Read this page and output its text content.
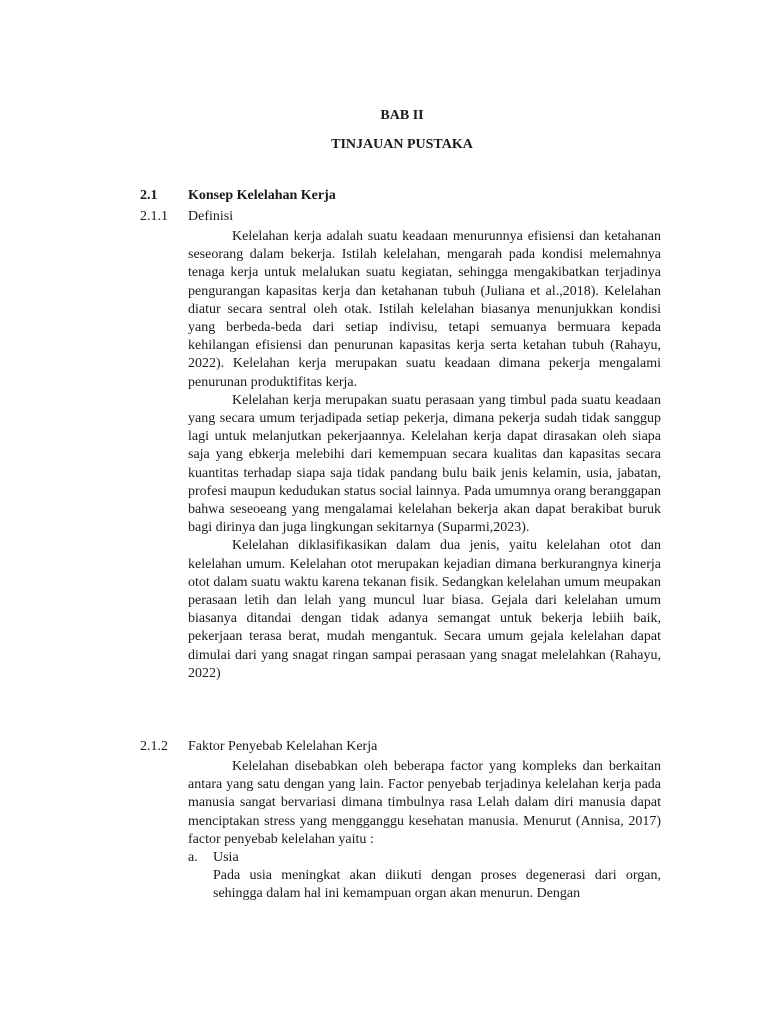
BAB II
TINJAUAN PUSTAKA
2.1 Konsep Kelelahan Kerja
2.1.1 Definisi

Kelelahan kerja adalah suatu keadaan menurunnya efisiensi dan ketahanan seseorang dalam bekerja. Istilah kelelahan, mengarah pada kondisi melemahnya tenaga kerja untuk melalukan suatu kegiatan, sehingga mengakibatkan terjadinya pengurangan kapasitas kerja dan ketahanan tubuh (Juliana et al.,2018). Kelelahan diatur secara sentral oleh otak. Istilah kelelahan biasanya menunjukkan kondisi yang berbeda-beda dari setiap indivisu, tetapi semuanya bermuara kepada kehilangan efisiensi dan penurunan kapasitas kerja serta ketahan tubuh (Rahayu, 2022). Kelelahan kerja merupakan suatu keadaan dimana pekerja mengalami penurunan produktifitas kerja.

Kelelahan kerja merupakan suatu perasaan yang timbul pada suatu keadaan yang secara umum terjadipada setiap pekerja, dimana pekerja sudah tidak sanggup lagi untuk melanjutkan pekerjaannya. Kelelahan kerja dapat dirasakan oleh siapa saja yang ebkerja melebihi dari kemempuan secara kualitas dan kapasitas secara kuantitas terhadap siapa saja tidak pandang bulu baik jenis kelamin, usia, jabatan, profesi maupun kedudukan status social lainnya. Pada umumnya orang beranggapan bahwa seseoeang yang mengalamai kelelahan bekerja akan dapat berakibat buruk bagi dirinya dan juga lingkungan sekitarnya (Suparmi,2023).

Kelelahan diklasifikasikan dalam dua jenis, yaitu kelelahan otot dan kelelahan umum. Kelelahan otot merupakan kejadian dimana berkurangnya kinerja otot dalam suatu waktu karena tekanan fisik. Sedangkan kelelahan umum meupakan perasaan letih dan lelah yang muncul luar biasa. Gejala dari kelelahan umum biasanya ditandai dengan tidak adanya semangat untuk bekerja lebiih baik, pekerjaan terasa berat, mudah mengantuk. Secara umum gejala kelelahan dapat dimulai dari yang snagat ringan sampai perasaan yang snagat melelahkan (Rahayu, 2022)

2.1.2 Faktor Penyebab Kelelahan Kerja

Kelelahan disebabkan oleh beberapa factor yang kompleks dan berkaitan antara yang satu dengan yang lain. Factor penyebab terjadinya kelelahan kerja pada manusia sangat bervariasi dimana timbulnya rasa Lelah dalam diri manusia dapat menciptakan stress yang mengganggu kesehatan manusia. Menurut (Annisa, 2017) factor penyebab kelelahan yaitu :

a. Usia

Pada usia meningkat akan diikuti dengan proses degenerasi dari organ, sehingga dalam hal ini kemampuan organ akan menurun. Dengan
